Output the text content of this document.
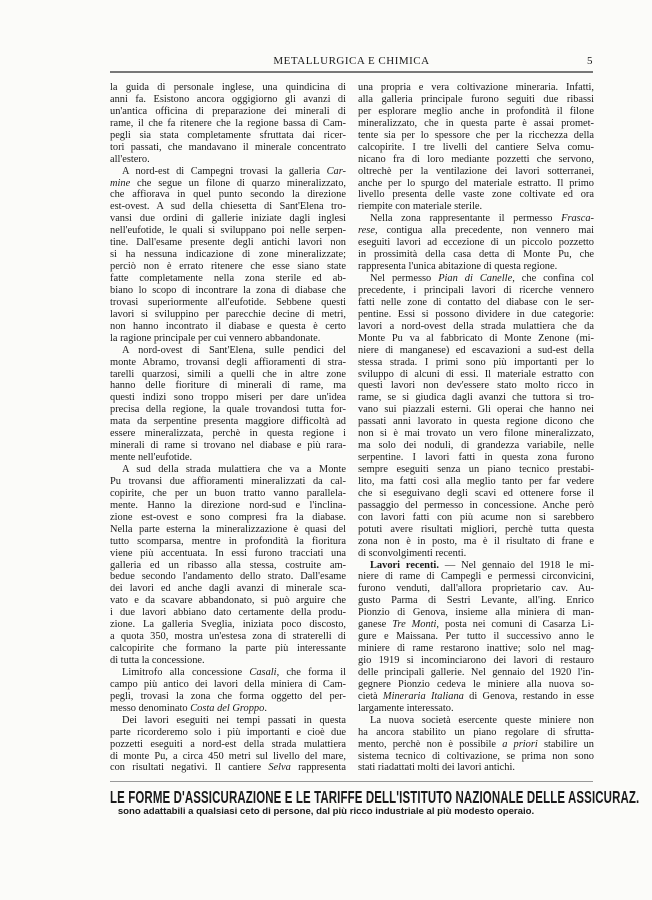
METALLURGICA E CHIMICA	5
la guida di personale inglese, una quindicina di
anni fa. Esistono ancora oggigiorno gli avanzi di
un'antica officina di preparazione dei minerali di
rame, il che fa ritenere che la regione bassa di Cam-
pegli sia stata completamente sfruttata dai ricer-
tori passati, che mandavano il minerale concentrato
all'estero.
A nord-est di Campegni trovasi la galleria Car-
mine che segue un filone di quarzo mineralizzato,
che affiorava in quel punto secondo la direzione
est-ovest. A sud della chiesetta di Sant'Elena tro-
vansi due ordini di gallerie iniziate dagli inglesi
nell'eufotide, le quali si sviluppano poi nelle serpen-
tine. Dall'esame presente degli antichi lavori non
si ha nessuna indicazione di zone mineralizzate;
perciò non è errato ritenere che esse siano state
fatte completamente nella zona sterile ed ab-
biano lo scopo di incontrare la zona di diabase che
trovasi superiormente all'eufotide. Sebbene questi
lavori si sviluppino per parecchie decine di metri,
non hanno incontrato il diabase e questa è certo
la ragione principale per cui vennero abbandonate.
A nord-ovest di Sant'Elena, sulle pendici del
monte Abramo, trovansi degli affioramenti di stra-
tarelli quarzosi, simili a quelli che in altre zone
hanno delle fioriture di minerali di rame, ma
questi indizi sono troppo miseri per dare un'idea
precisa della regione, la quale trovandosi tutta for-
mata da serpentine presenta maggiore difficoltà ad
essere mineralizzata, perchè in questa regione i
minerali di rame si trovano nel diabase e più rara-
mente nell'eufotide.
A sud della strada mulattiera che va a Monte
Pu trovansi due affioramenti mineralizzati da cal-
copirite, che per un buon tratto vanno parallela-
mente. Hanno la direzione nord-sud e l'inclina-
zione est-ovest e sono compresi fra la diabase.
Nella parte esterna la mineralizzazione è quasi del
tutto scomparsa, mentre in profondità la fioritura
viene più accentuata. In essi furono tracciati una
galleria ed un ribasso alla stessa, costruite am-
bedue secondo l'andamento dello strato. Dall'esame
dei lavori ed anche dagli avanzi di minerale sca-
vato e da scavare abbandonato, si può arguire che
i due lavori abbiano dato certamente della produ-
zione. La galleria Sveglia, iniziata poco discosto,
a quota 350, mostra un'estesa zona di straterelli di
calcopirite che formano la parte più interessante
di tutta la concessione.
Limitrofo alla concessione Casali, che forma il
campo più antico dei lavori della miniera di Cam-
pegli, trovasi la zona che forma oggetto del per-
messo denominato Costa del Groppo.
Dei lavori eseguiti nei tempi passati in questa
parte ricorderemo solo i più importanti e cioè due
pozzetti eseguiti a nord-est della strada mulattiera
di monte Pu, a circa 450 metri sul livello del mare,
con risultati negativi. Il cantiere Selva rappresenta
una propria e vera coltivazione mineraria. Infatti,
alla galleria principale furono seguiti due ribassi
per esplorare meglio anche in profondità il filone
mineralizzato, che in questa parte è assai promet-
tente sia per lo spessore che per la ricchezza della
calcopirite. I tre livelli del cantiere Selva comu-
nicano fra di loro mediante pozzetti che servono,
oltrechè per la ventilazione dei lavori sotterranei,
anche per lo spurgo del materiale estratto. Il primo
livello presenta delle vaste zone coltivate ed ora
riempite con materiale sterile.
Nella zona rappresentante il permesso Frasca-
rese, contigua alla precedente, non vennero mai
eseguiti lavori ad eccezione di un piccolo pozzetto
in prossimità della casa detta di Monte Pu, che
rappresenta l'unica abitazione di questa regione.
Nel permesso Pian di Canelle, che confina col
precedente, i principali lavori di ricerche vennero
fatti nelle zone di contatto del diabase con le ser-
pentine. Essi si possono dividere in due categorie:
lavori a nord-ovest della strada mulattiera che da
Monte Pu va al fabbricato di Monte Zenone (mi-
niere di manganese) ed escavazioni a sud-est della
stessa strada. I primi sono più importanti per lo
sviluppo di alcuni di essi. Il materiale estratto con
questi lavori non dev'essere stato molto ricco in
rame, se si giudica dagli avanzi che tuttora si tro-
vano sui piazzali esterni. Gli operai che hanno nei
passati anni lavorato in questa regione dicono che
non si è mai trovato un vero filone mineralizzato,
ma solo dei noduli, di grandezza variabile, nelle
serpentine. I lavori fatti in questa zona furono
sempre eseguiti senza un piano tecnico prestabi-
lito, ma fatti così alla meglio tanto per far vedere
che si eseguivano degli scavi ed ottenere forse il
passaggio del permesso in concessione. Anche però
con lavori fatti con più acume non si sarebbero
potuti avere risultati migliori, perchè tutta questa
zona non è in posto, ma è il risultato di frane e
di sconvolgimenti recenti.
Lavori recenti. — Nel gennaio del 1918 le mi-
niere di rame di Campegli e permessi circonvicini,
furono venduti, dall'allora proprietario cav. Au-
gusto Parma di Sestri Levante, all'ing. Enrico
Pionzio di Genova, insieme alla miniera di man-
ganese Tre Monti, posta nei comuni di Casarza Li-
gure e Maissana. Per tutto il successivo anno le
miniere di rame restarono inattive; solo nel mag-
gio 1919 si incominciarono dei lavori di restauro
delle principali gallerie. Nel gennaio del 1920 l'in-
gegnere Pionzio cedeva le miniere alla nuova so-
cietà Mineraria Italiana di Genova, restando in esse
largamente interessato.
La nuova società esercente queste miniere non
ha ancora stabilito un piano regolare di sfrutta-
mento, perchè non è possibile a priori stabilire un
sistema tecnico di coltivazione, se prima non sono
stati riadattati molti dei lavori antichi.
LE FORME D'ASSICURAZIONE E LE TARIFFE DELL'ISTITUTO NAZIONALE DELLE ASSICURAZ.
sono adattabili a qualsiasi ceto di persone, dal più ricco industriale al più modesto operaio.
